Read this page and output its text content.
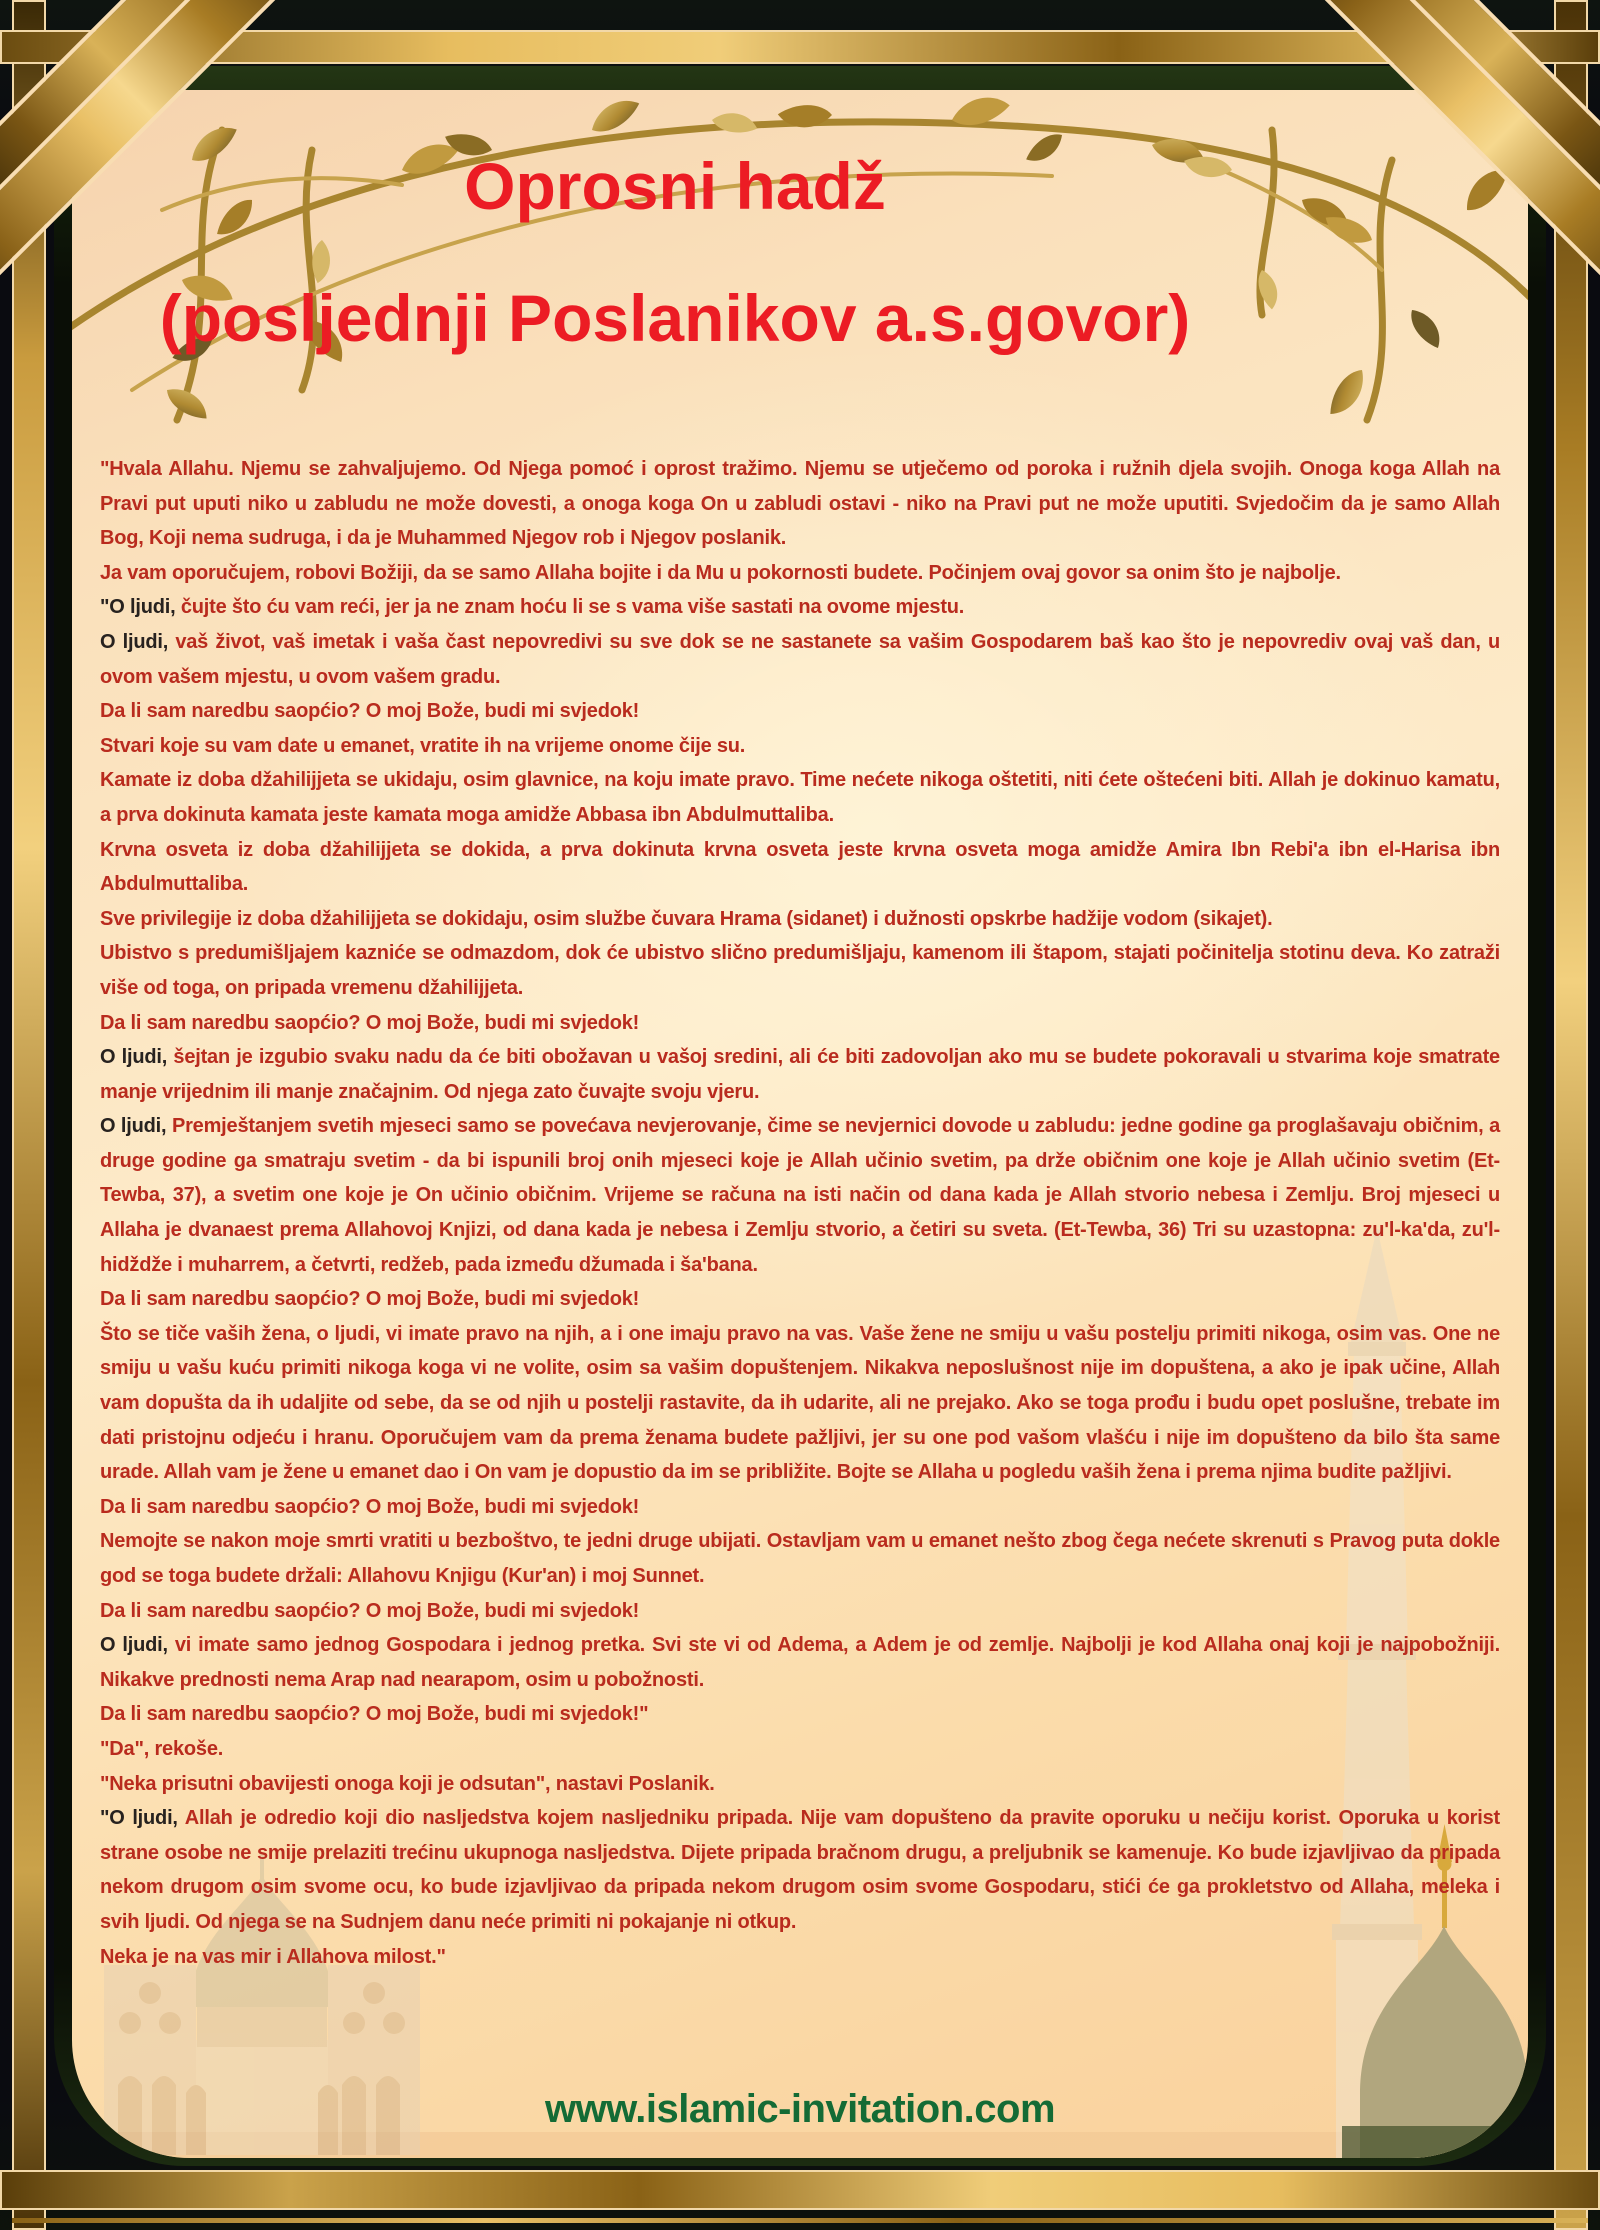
Oprosni hadž
(posljednji Poslanikov a.s.govor)

"Hvala Allahu. Njemu se zahvaljujemo. Od Njega pomoć i oprost tražimo. Njemu se utječemo od poroka i ružnih djela svojih. Onoga koga Allah na Pravi put uputi niko u zabludu ne može dovesti, a onoga koga On u zabludi ostavi - niko na Pravi put ne može uputiti. Svjedočim da je samo Allah Bog, Koji nema sudruga, i da je Muhammed Njegov rob i Njegov poslanik.

Ja vam oporučujem, robovi Božiji, da se samo Allaha bojite i da Mu u pokornosti budete. Počinjem ovaj govor sa onim što je najbolje.

"O ljudi, čujte što ću vam reći, jer ja ne znam hoću li se s vama više sastati na ovome mjestu.

O ljudi, vaš život, vaš imetak i vaša čast nepovredivi su sve dok se ne sastanete sa vašim Gospodarem baš kao što je nepovrediv ovaj vaš dan, u ovom vašem mjestu, u ovom vašem gradu.

Da li sam naredbu saopćio? O moj Bože, budi mi svjedok!

Stvari koje su vam date u emanet, vratite ih na vrijeme onome čije su.

Kamate iz doba džahilijjeta se ukidaju, osim glavnice, na koju imate pravo. Time nećete nikoga oštetiti, niti ćete oštećeni biti. Allah je dokinuo kamatu, a prva dokinuta kamata jeste kamata moga amidže Abbasa ibn Abdulmuttaliba.

Krvna osveta iz doba džahilijjeta se dokida, a prva dokinuta krvna osveta jeste krvna osveta moga amidže Amira Ibn Rebi'a ibn el-Harisa ibn Abdulmuttaliba.

Sve privilegije iz doba džahilijjeta se dokidaju, osim službe čuvara Hrama (sidanet) i dužnosti opskrbe hadžije vodom (sikajet).

Ubistvo s predumišljajem kazniće se odmazdom, dok će ubistvo slično predumišljaju, kamenom ili štapom, stajati počinitelja stotinu deva. Ko zatraži više od toga, on pripada vremenu džahilijjeta.

Da li sam naredbu saopćio? O moj Bože, budi mi svjedok!

O ljudi, šejtan je izgubio svaku nadu da će biti obožavan u vašoj sredini, ali će biti zadovoljan ako mu se budete pokoravali u stvarima koje smatrate manje vrijednim ili manje značajnim. Od njega zato čuvajte svoju vjeru.

O ljudi, Premještanjem svetih mjeseci samo se povećava nevjerovanje, čime se nevjernici dovode u zabludu: jedne godine ga proglašavaju običnim, a druge godine ga smatraju svetim - da bi ispunili broj onih mjeseci koje je Allah učinio svetim, pa drže običnim one koje je Allah učinio svetim (Et-Tewba, 37), a svetim one koje je On učinio običnim. Vrijeme se računa na isti način od dana kada je Allah stvorio nebesa i Zemlju. Broj mjeseci u Allaha je dvanaest prema Allahovoj Knjizi, od dana kada je nebesa i Zemlju stvorio, a četiri su sveta. (Et-Tewba, 36) Tri su uzastopna: zu'l-ka'da, zu'l-hidždže i muharrem, a četvrti, redžeb, pada između džumada i ša'bana.

Da li sam naredbu saopćio? O moj Bože, budi mi svjedok!

Što se tiče vaših žena, o ljudi, vi imate pravo na njih, a i one imaju pravo na vas. Vaše žene ne smiju u vašu postelju primiti nikoga, osim vas. One ne smiju u vašu kuću primiti nikoga koga vi ne volite, osim sa vašim dopuštenjem. Nikakva neposlušnost nije im dopuštena, a ako je ipak učine, Allah vam dopušta da ih udaljite od sebe, da se od njih u postelji rastavite, da ih udarite, ali ne prejako. Ako se toga prođu i budu opet poslušne, trebate im dati pristojnu odjeću i hranu. Oporučujem vam da prema ženama budete pažljivi, jer su one pod vašom vlašću i nije im dopušteno da bilo šta same urade. Allah vam je žene u emanet dao i On vam je dopustio da im se približite. Bojte se Allaha u pogledu vaših žena i prema njima budite pažljivi.

Da li sam naredbu saopćio? O moj Bože, budi mi svjedok!

Nemojte se nakon moje smrti vratiti u bezboštvo, te jedni druge ubijati. Ostavljam vam u emanet nešto zbog čega nećete skrenuti s Pravog puta dokle god se toga budete držali: Allahovu Knjigu (Kur'an) i moj Sunnet.

Da li sam naredbu saopćio? O moj Bože, budi mi svjedok!

O ljudi, vi imate samo jednog Gospodara i jednog pretka. Svi ste vi od Adema, a Adem je od zemlje. Najbolji je kod Allaha onaj koji je najpobožniji. Nikakve prednosti nema Arap nad nearapom, osim u pobožnosti.

Da li sam naredbu saopćio? O moj Bože, budi mi svjedok!"

"Da", rekoše.

"Neka prisutni obavijesti onoga koji je odsutan", nastavi Poslanik.

"O ljudi, Allah je odredio koji dio nasljedstva kojem nasljedniku pripada. Nije vam dopušteno da pravite oporuku u nečiju korist. Oporuka u korist strane osobe ne smije prelaziti trećinu ukupnoga nasljedstva. Dijete pripada bračnom drugu, a preljubnik se kamenuje. Ko bude izjavljivao da pripada nekom drugom osim svome ocu, ko bude izjavljivao da pripada nekom drugom osim svome Gospodaru, stići će ga prokletstvo od Allaha, meleka i svih ljudi. Od njega se na Sudnjem danu neće primiti ni pokajanje ni otkup.

Neka je na vas mir i Allahova milost."

www.islamic-invitation.com
